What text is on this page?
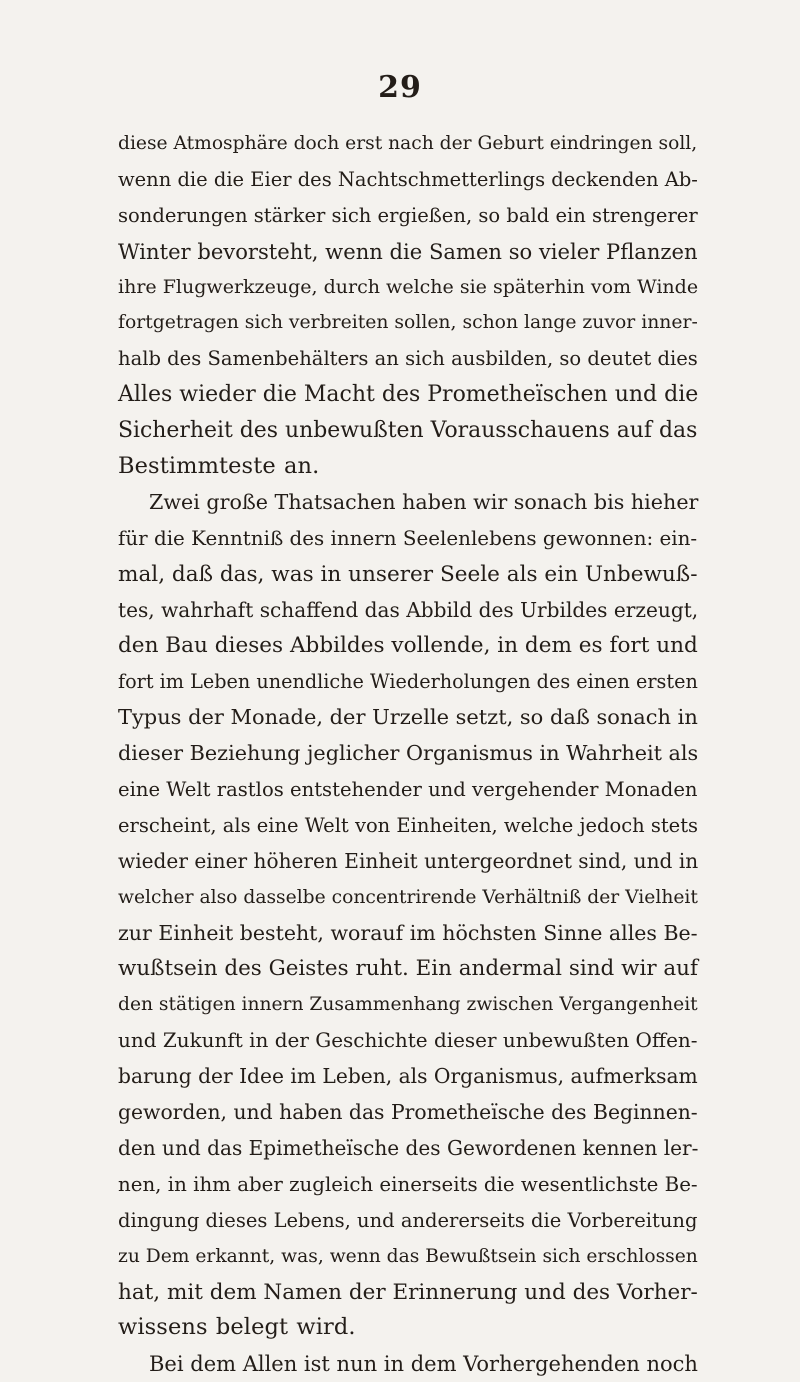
29
diese Atmosphäre doch erst nach der Geburt eindringen soll,
wenn die die Eier des Nachtschmetterlings deckenden Ab-
sonderungen stärker sich ergießen, so bald ein strengerer
Winter bevorsteht, wenn die Samen so vieler Pflanzen
ihre Flugwerkzeuge, durch welche sie späterhin vom Winde
fortgetragen sich verbreiten sollen, schon lange zuvor inner-
halb des Samenbehälters an sich ausbilden, so deutet dies
Alles wieder die Macht des Prometheïschen und die
Sicherheit des unbewußten Vorausschauens auf das
Bestimmteste an.
Zwei große Thatsachen haben wir sonach bis hieher
für die Kenntniß des innern Seelenlebens gewonnen: ein-
mal, daß das, was in unserer Seele als ein Unbewuß-
tes, wahrhaft schaffend das Abbild des Urbildes erzeugt,
den Bau dieses Abbildes vollende, in dem es fort und
fort im Leben unendliche Wiederholungen des einen ersten
Typus der Monade, der Urzelle setzt, so daß sonach in
dieser Beziehung jeglicher Organismus in Wahrheit als
eine Welt rastlos entstehender und vergehender Monaden
erscheint, als eine Welt von Einheiten, welche jedoch stets
wieder einer höheren Einheit untergeordnet sind, und in
welcher also dasselbe concentrirende Verhältniß der Vielheit
zur Einheit besteht, worauf im höchsten Sinne alles Be-
wußtsein des Geistes ruht. Ein andermal sind wir auf
den stätigen innern Zusammenhang zwischen Vergangenheit
und Zukunft in der Geschichte dieser unbewußten Offen-
barung der Idee im Leben, als Organismus, aufmerksam
geworden, und haben das Prometheïsche des Beginnen-
den und das Epimetheïsche des Gewordenen kennen ler-
nen, in ihm aber zugleich einerseits die wesentlichste Be-
dingung dieses Lebens, und andererseits die Vorbereitung
zu Dem erkannt, was, wenn das Bewußtsein sich erschlossen
hat, mit dem Namen der Erinnerung und des Vorher-
wissens belegt wird.
Bei dem Allen ist nun in dem Vorhergehenden noch
